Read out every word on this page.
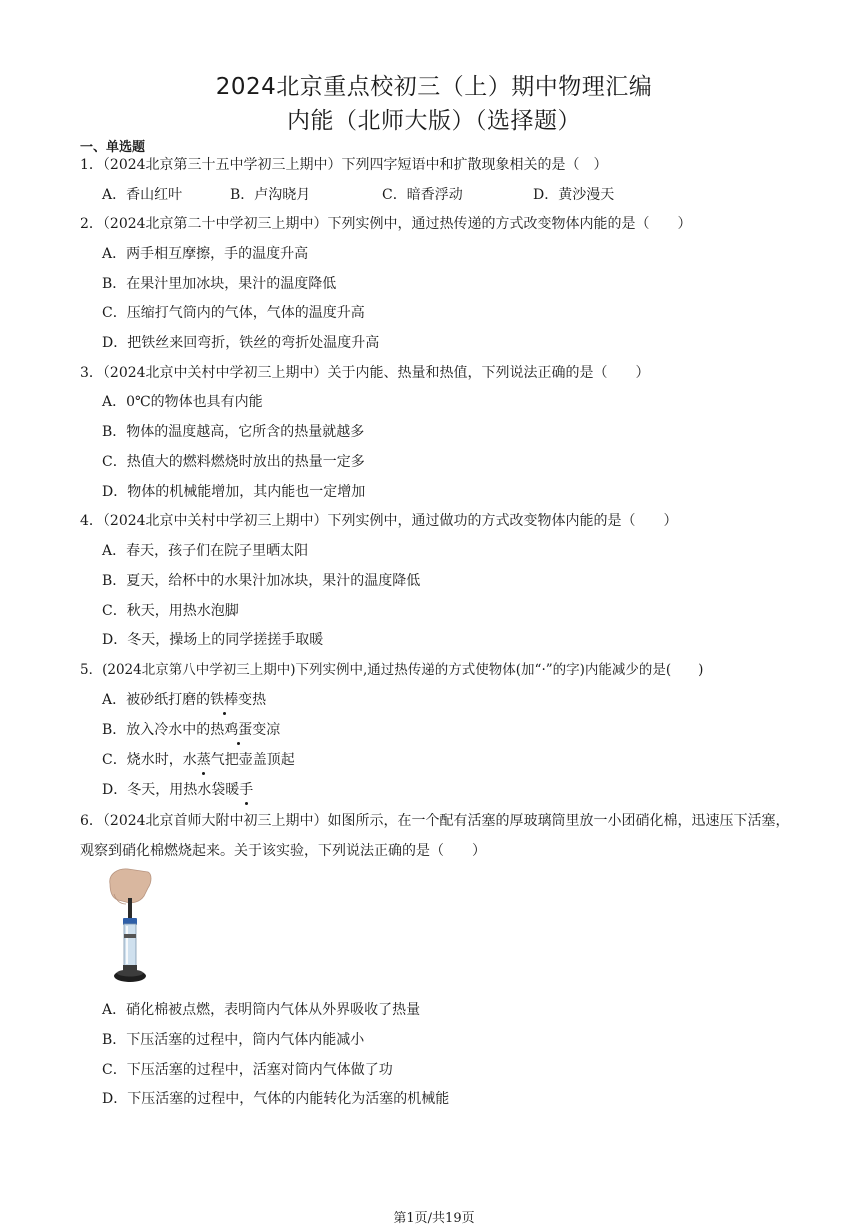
2024北京重点校初三（上）期中物理汇编
内能（北师大版）（选择题）
一、单选题
1．（2024北京第三十五中学初三上期中）下列四字短语中和扩散现象相关的是（　）
A．香山红叶	B．卢沟晓月	C．暗香浮动	D．黄沙漫天
2．（2024北京第二十中学初三上期中）下列实例中，通过热传递的方式改变物体内能的是（　　）
A．两手相互摩擦，手的温度升高
B．在果汁里加冰块，果汁的温度降低
C．压缩打气筒内的气体，气体的温度升高
D．把铁丝来回弯折，铁丝的弯折处温度升高
3．（2024北京中关村中学初三上期中）关于内能、热量和热值，下列说法正确的是（　　）
A．0℃的物体也具有内能
B．物体的温度越高，它所含的热量就越多
C．热值大的燃料燃烧时放出的热量一定多
D．物体的机械能增加，其内能也一定增加
4．（2024北京中关村中学初三上期中）下列实例中，通过做功的方式改变物体内能的是（　　）
A．春天，孩子们在院子里晒太阳
B．夏天，给杯中的水果汁加冰块，果汁的温度降低
C．秋天，用热水泡脚
D．冬天，操场上的同学搓搓手取暖
5．(2024北京第八中学初三上期中)下列实例中,通过热传递的方式使物体(加“·”的字)内能减少的是(　　)
A．被砂纸打磨的铁棒变热
B．放入冷水中的热鸡蛋变凉
C．烧水时，水蒸气把壶盖顶起
D．冬天，用热水袋暖手
6．（2024北京首师大附中初三上期中）如图所示，在一个配有活塞的厚玻璃筒里放一小团硝化棉，迅速压下活塞，观察到硝化棉燃烧起来。关于该实验，下列说法正确的是（　　）
A．硝化棉被点燃，表明筒内气体从外界吸收了热量
B．下压活塞的过程中，筒内气体内能减小
C．下压活塞的过程中，活塞对筒内气体做了功
D．下压活塞的过程中，气体的内能转化为活塞的机械能
第1页/共19页
